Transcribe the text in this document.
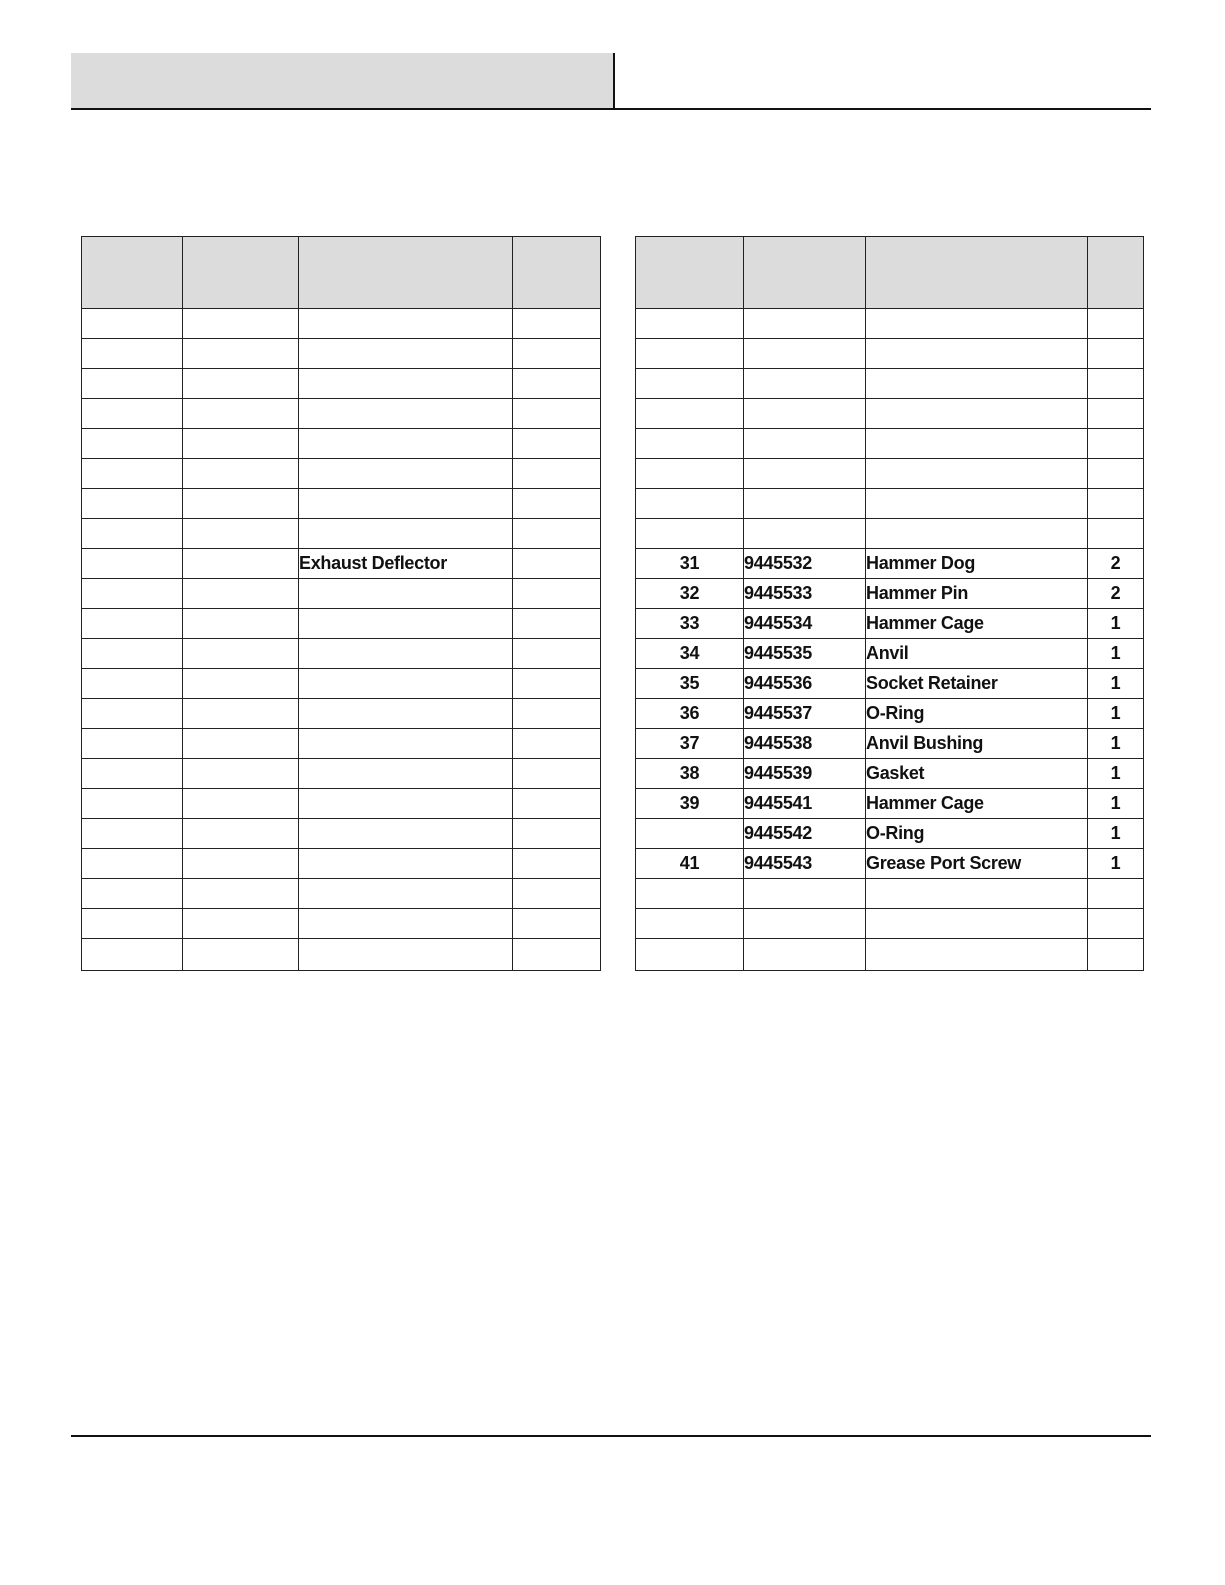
		Exhaust Deflector	

				31	9445532	Hammer Dog	2
32	9445533	Hammer Pin	2
33	9445534	Hammer Cage	1
34	9445535	Anvil	1
35	9445536	Socket Retainer	1
36	9445537	O-Ring	1
37	9445538	Anvil Bushing	1
38	9445539	Gasket	1
39	9445541	Hammer Cage	1
	9445542	O-Ring	1
41	9445543	Grease Port Screw	1
